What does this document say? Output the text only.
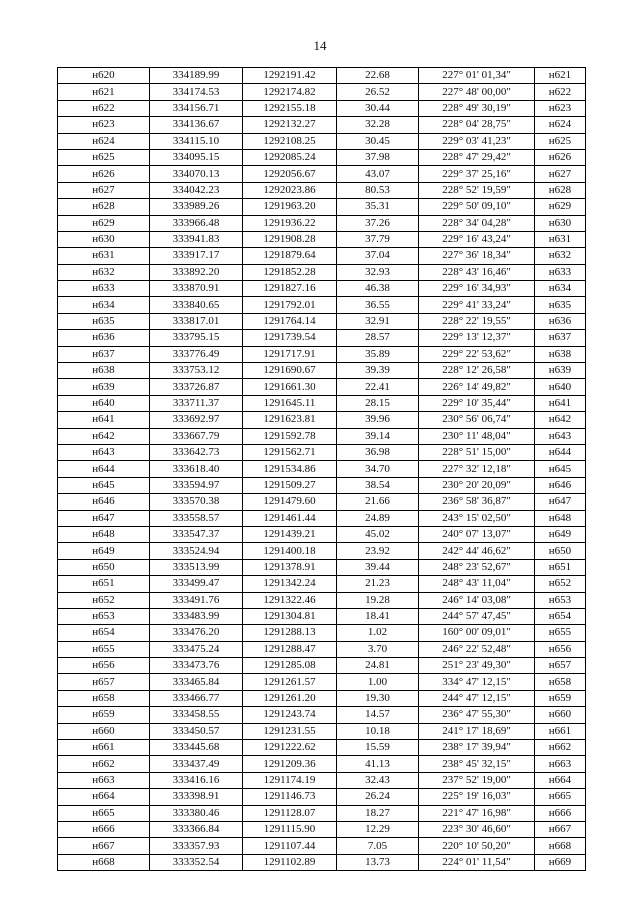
14
н620	334189.99	1292191.42	22.68	227° 01' 01,34"	н621
н621	334174.53	1292174.82	26.52	227° 48' 00,00"	н622
н622	334156.71	1292155.18	30.44	228° 49' 30,19"	н623
н623	334136.67	1292132.27	32.28	228° 04' 28,75"	н624
н624	334115.10	1292108.25	30.45	229° 03' 41,23"	н625
н625	334095.15	1292085.24	37.98	228° 47' 29,42"	н626
н626	334070.13	1292056.67	43.07	229° 37' 25,16"	н627
н627	334042.23	1292023.86	80.53	228° 52' 19,59"	н628
н628	333989.26	1291963.20	35.31	229° 50' 09,10"	н629
н629	333966.48	1291936.22	37.26	228° 34' 04,28"	н630
н630	333941.83	1291908.28	37.79	229° 16' 43,24"	н631
н631	333917.17	1291879.64	37.04	227° 36' 18,34"	н632
н632	333892.20	1291852.28	32.93	228° 43' 16,46"	н633
н633	333870.91	1291827.16	46.38	229° 16' 34,93"	н634
н634	333840.65	1291792.01	36.55	229° 41' 33,24"	н635
н635	333817.01	1291764.14	32.91	228° 22' 19,55"	н636
н636	333795.15	1291739.54	28.57	229° 13' 12,37"	н637
н637	333776.49	1291717.91	35.89	229° 22' 53,62"	н638
н638	333753.12	1291690.67	39.39	228° 12' 26,58"	н639
н639	333726.87	1291661.30	22.41	226° 14' 49,82"	н640
н640	333711.37	1291645.11	28.15	229° 10' 35,44"	н641
н641	333692.97	1291623.81	39.96	230° 56' 06,74"	н642
н642	333667.79	1291592.78	39.14	230° 11' 48,04"	н643
н643	333642.73	1291562.71	36.98	228° 51' 15,00"	н644
н644	333618.40	1291534.86	34.70	227° 32' 12,18"	н645
н645	333594.97	1291509.27	38.54	230° 20' 20,09"	н646
н646	333570.38	1291479.60	21.66	236° 58' 36,87"	н647
н647	333558.57	1291461.44	24.89	243° 15' 02,50"	н648
н648	333547.37	1291439.21	45.02	240° 07' 13,07"	н649
н649	333524.94	1291400.18	23.92	242° 44' 46,62"	н650
н650	333513.99	1291378.91	39.44	248° 23' 52,67"	н651
н651	333499.47	1291342.24	21.23	248° 43' 11,04"	н652
н652	333491.76	1291322.46	19.28	246° 14' 03,08"	н653
н653	333483.99	1291304.81	18.41	244° 57' 47,45"	н654
н654	333476.20	1291288.13	1.02	160° 00' 09,01"	н655
н655	333475.24	1291288.47	3.70	246° 22' 52,48"	н656
н656	333473.76	1291285.08	24.81	251° 23' 49,30"	н657
н657	333465.84	1291261.57	1.00	334° 47' 12,15"	н658
н658	333466.77	1291261.20	19.30	244° 47' 12,15"	н659
н659	333458.55	1291243.74	14.57	236° 47' 55,30"	н660
н660	333450.57	1291231.55	10.18	241° 17' 18,69"	н661
н661	333445.68	1291222.62	15.59	238° 17' 39,94"	н662
н662	333437.49	1291209.36	41.13	238° 45' 32,15"	н663
н663	333416.16	1291174.19	32.43	237° 52' 19,00"	н664
н664	333398.91	1291146.73	26.24	225° 19' 16,03"	н665
н665	333380.46	1291128.07	18.27	221° 47' 16,98"	н666
н666	333366.84	1291115.90	12.29	223° 30' 46,60"	н667
н667	333357.93	1291107.44	7.05	220° 10' 50,20"	н668
н668	333352.54	1291102.89	13.73	224° 01' 11,54"	н669
